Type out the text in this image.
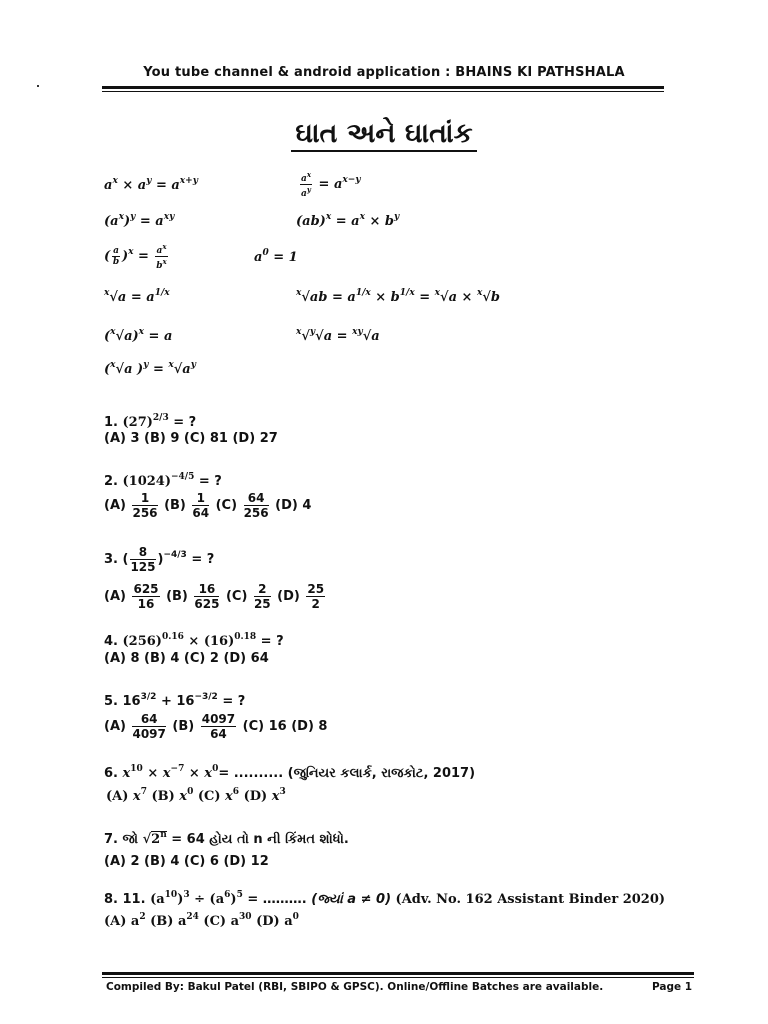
You tube channel & android application : BHAINS KI PATHSHALA
ઘાત અને ઘાતાંક
$a^x \times a^y = a^{x+y}$	$\frac{a^x}{a^y} = a^{x-y}$
$(a^x)^y = a^{xy}$	$(ab)^x = a^x \times b^y$
( $\frac{a}{b} )^x = \frac{a^x}{b^x}$	$a^0 = 1$
$^x√a = a^{1/x}$	$^x√ab = a^{1/x} \times b^{1/x} = ^x√a \times ^x√b$
$(^x√a)^x = a$	$^x$√$^y$√a = $^{xy}$√a
($^x$√a )$^y = ^x√a^y$
1. $(27)^{2/3}$ = ?
(A) 3 (B) 9 (C) 81 (D) 27
2. $(1024)^{-4/5}$ = ?
$(A) \frac{1}{256} (B) \frac{1}{64} (C) \frac{64}{256} (D)$ 4
3. ( $\frac{8}{125} )^{-4/3}$ = ?
$(A) \frac{625}{16} (B) \frac{16}{625} (C) \frac{2}{25} (D) \frac{25}{2}$
4. $(256)^{0.16} \times (16)^{0.18}$ = ?
(A) 8 (B) 4 (C) 2 (D) 64
5. $16^{3/2} + 16^{-3/2}$ = ?
$(A) \frac{64}{4097} (B) \frac{4097}{64} (C)$ 16 (D) 8
6. $x^{10} \times x^{-7} \times x^0=$ .......... (જુનિયર કલાર્ક, રાજકોટ, 2017)
(A) $x^7$ (B) $x^0$ (C) $x^6$ (D) $x^3$
7. જો $√2^n = 64$ હોય તો n ની કિંમત શોધો.
(A) 2 (B) 4 (C) 6 (D) 12
8. 11. $(a^{10})^3 \div (a^6)^5$ = ………. (જ્યાં a ≠ 0) (Adv. No. 162 Assistant Binder 2020)
(A) $a^2$ (B) $a^{24}$ (C) $a^{30}$ (D) $a^0$
Compiled By: Bakul Patel (RBI, SBIPO & GPSC). Online/Offline Batches are available.	Page 1
